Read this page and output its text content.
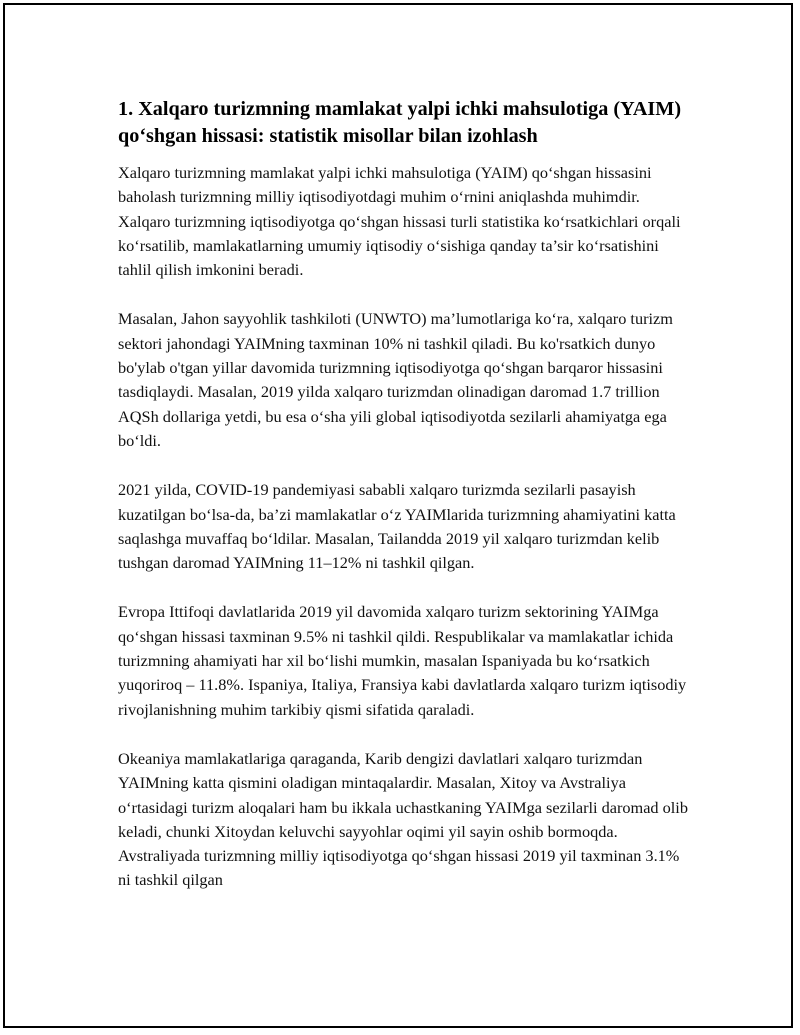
1. Xalqaro turizmning mamlakat yalpi ichki mahsulotiga (YAIM) qo‘shgan hissasi: statistik misollar bilan izohlash

Xalqaro turizmning mamlakat yalpi ichki mahsulotiga (YAIM) qo‘shgan hissasini baholash turizmning milliy iqtisodiyotdagi muhim o‘rnini aniqlashda muhimdir. Xalqaro turizmning iqtisodiyotga qo‘shgan hissasi turli statistika ko‘rsatkichlari orqali ko‘rsatilib, mamlakatlarning umumiy iqtisodiy o‘sishiga qanday ta’sir ko‘rsatishini tahlil qilish imkonini beradi.

Masalan, Jahon sayyohlik tashkiloti (UNWTO) ma’lumotlariga ko‘ra, xalqaro turizm sektori jahondagi YAIMning taxminan 10% ni tashkil qiladi. Bu ko'rsatkich dunyo bo'ylab o'tgan yillar davomida turizmning iqtisodiyotga qo‘shgan barqaror hissasini tasdiqlaydi. Masalan, 2019 yilda xalqaro turizmdan olinadigan daromad 1.7 trillion AQSh dollariga yetdi, bu esa o‘sha yili global iqtisodiyotda sezilarli ahamiyatga ega bo‘ldi.

2021 yilda, COVID-19 pandemiyasi sababli xalqaro turizmda sezilarli pasayish kuzatilgan bo‘lsa-da, ba’zi mamlakatlar o‘z YAIMlarida turizmning ahamiyatini katta saqlashga muvaffaq bo‘ldilar. Masalan, Tailandda 2019 yil xalqaro turizmdan kelib tushgan daromad YAIMning 11–12% ni tashkil qilgan.

Evropa Ittifoqi davlatlarida 2019 yil davomida xalqaro turizm sektorining YAIMga qo‘shgan hissasi taxminan 9.5% ni tashkil qildi. Respublikalar va mamlakatlar ichida turizmning ahamiyati har xil bo‘lishi mumkin, masalan Ispaniyada bu ko‘rsatkich yuqoriroq – 11.8%. Ispaniya, Italiya, Fransiya kabi davlatlarda xalqaro turizm iqtisodiy rivojlanishning muhim tarkibiy qismi sifatida qaraladi.

Okeaniya mamlakatlariga qaraganda, Karib dengizi davlatlari xalqaro turizmdan YAIMning katta qismini oladigan mintaqalardir. Masalan, Xitoy va Avstraliya o‘rtasidagi turizm aloqalari ham bu ikkala uchastkaning YAIMga sezilarli daromad olib keladi, chunki Xitoydan keluvchi sayyohlar oqimi yil sayin oshib bormoqda. Avstraliyada turizmning milliy iqtisodiyotga qo‘shgan hissasi 2019 yil taxminan 3.1% ni tashkil qilgan
